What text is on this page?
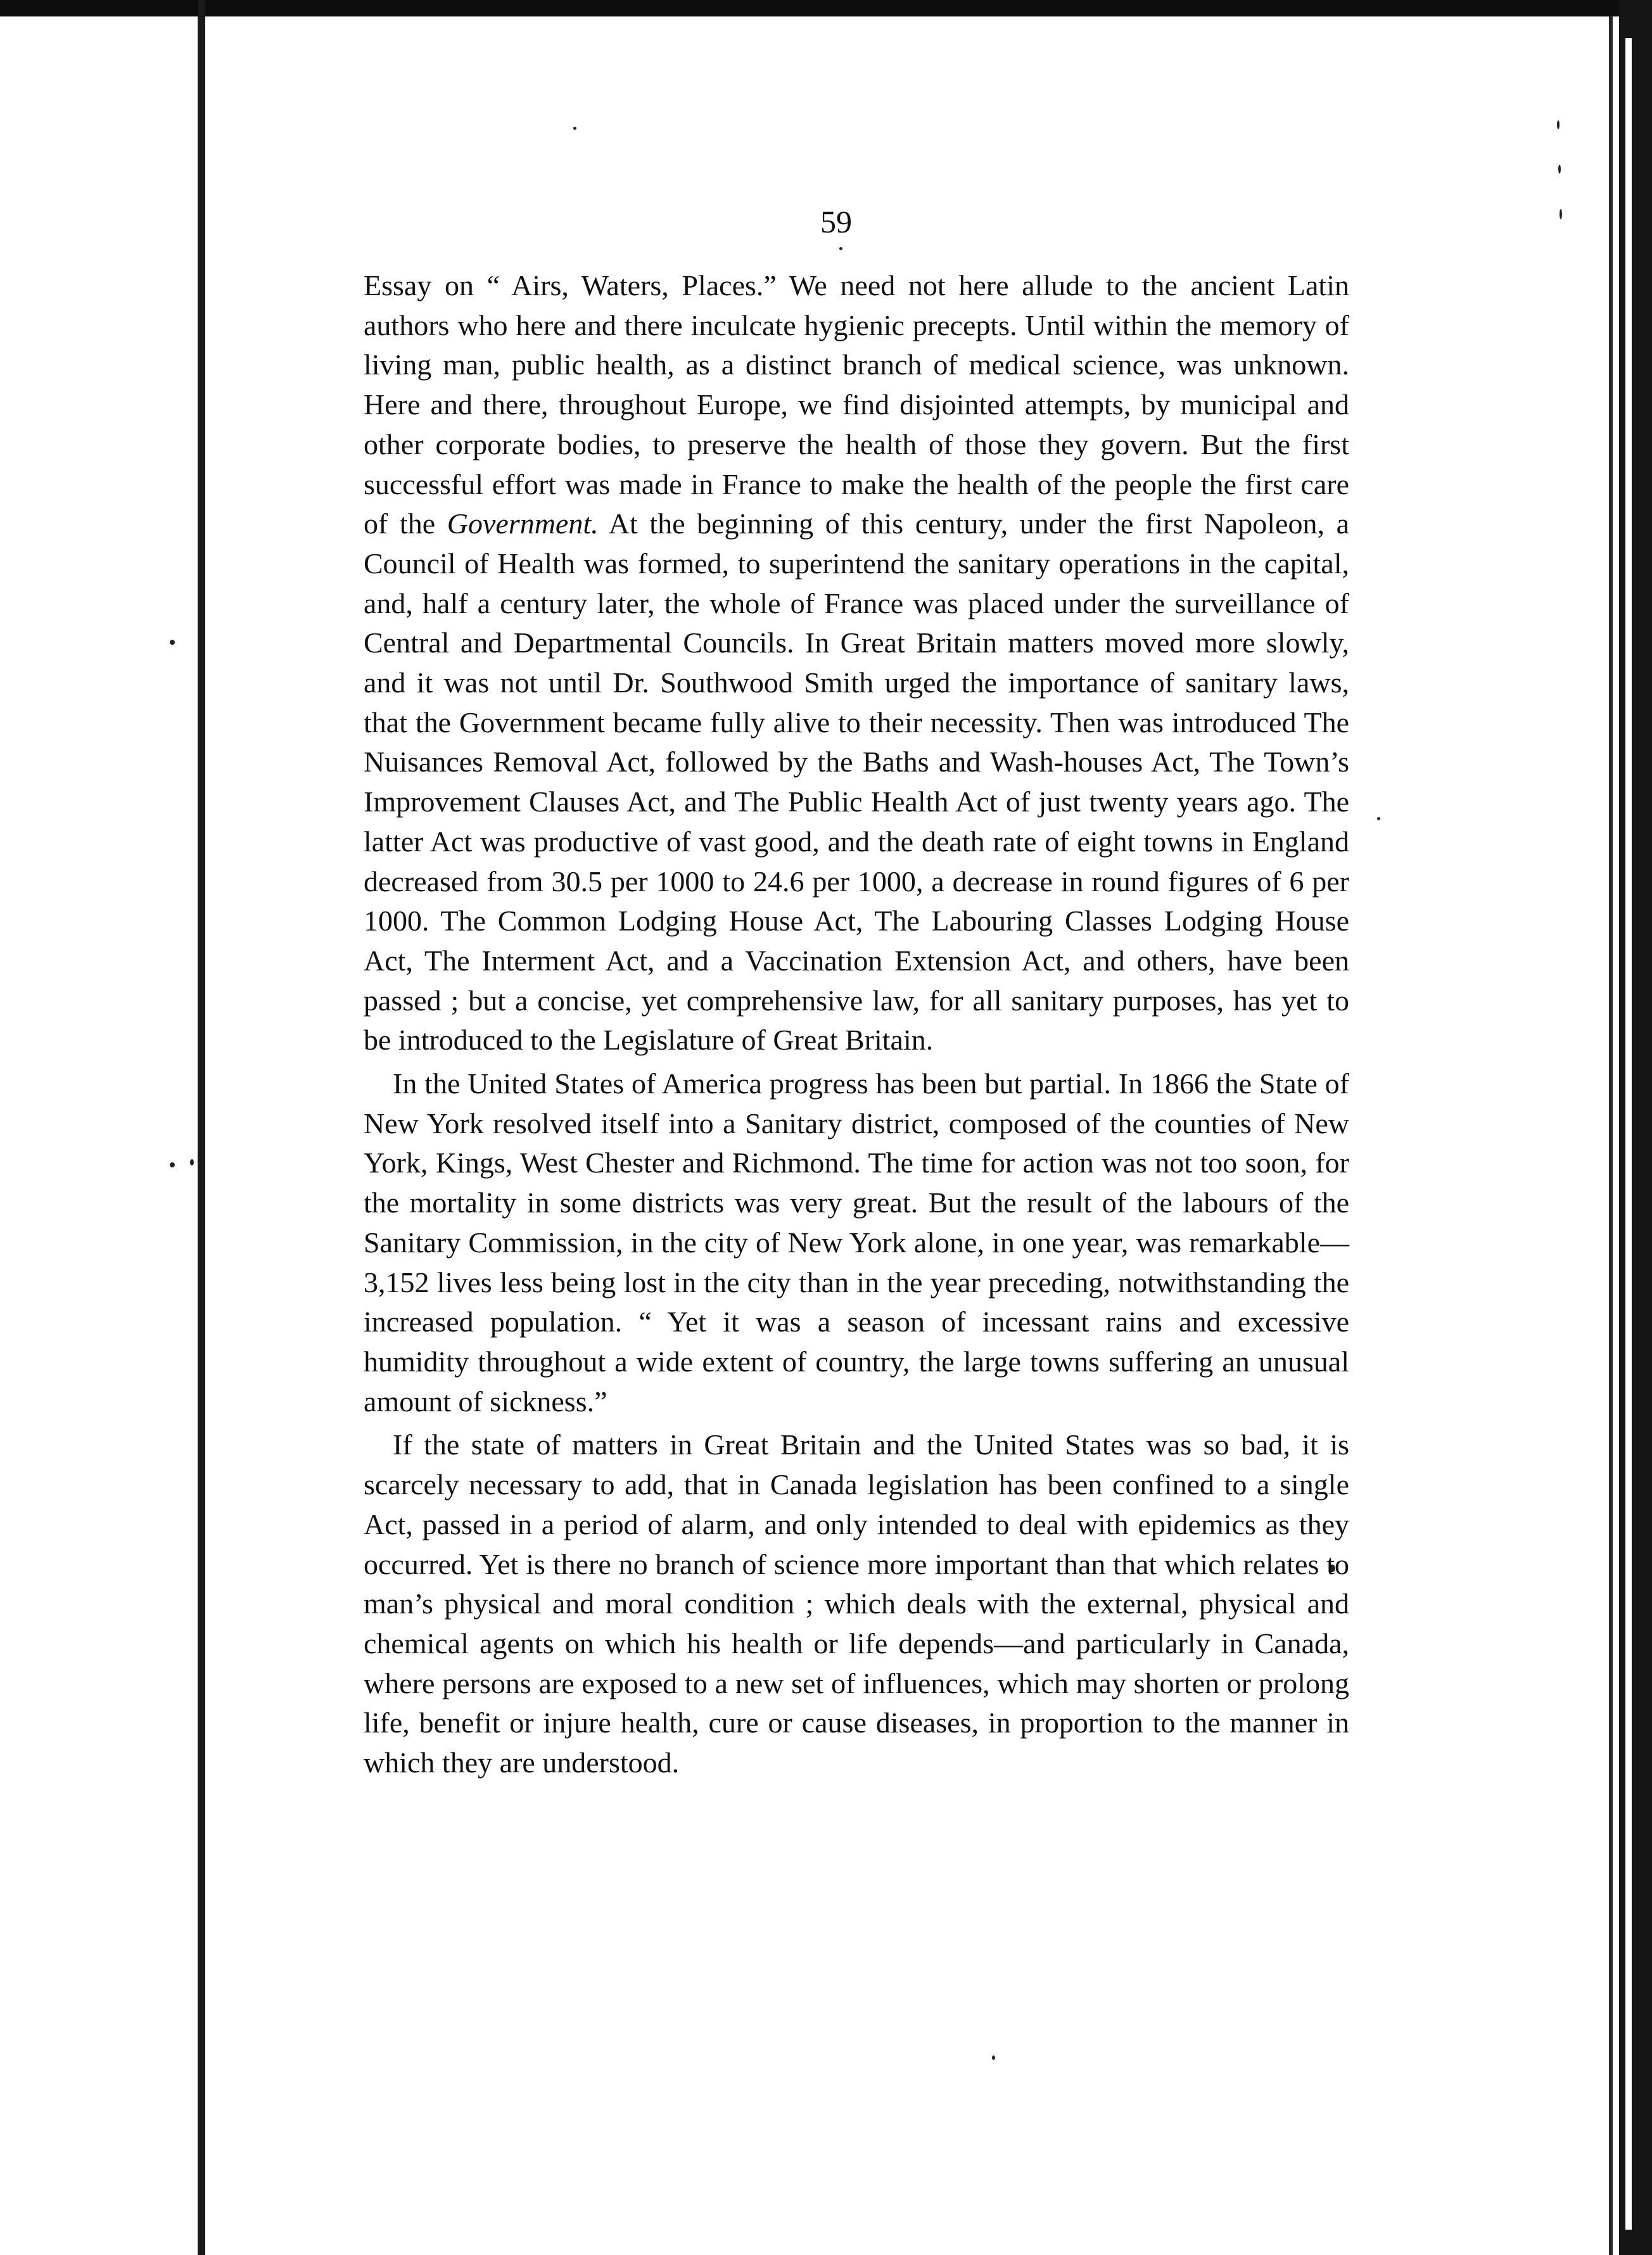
59

Essay on “ Airs, Waters, Places.” We need not here allude to the ancient Latin authors who here and there inculcate hygienic precepts. Until within the memory of living man, public health, as a distinct branch of medical science, was unknown. Here and there, throughout Europe, we find disjointed attempts, by municipal and other corporate bodies, to preserve the health of those they govern. But the first successful effort was made in France to make the health of the people the first care of the Government. At the beginning of this century, under the first Napoleon, a Council of Health was formed, to superintend the sanitary operations in the capital, and, half a century later, the whole of France was placed under the surveillance of Central and Departmental Councils. In Great Britain matters moved more slowly, and it was not until Dr. Southwood Smith urged the importance of sanitary laws, that the Government became fully alive to their necessity. Then was introduced The Nuisances Removal Act, followed by the Baths and Wash-houses Act, The Town’s Improvement Clauses Act, and The Public Health Act of just twenty years ago. The latter Act was productive of vast good, and the death rate of eight towns in England decreased from 30.5 per 1000 to 24.6 per 1000, a decrease in round figures of 6 per 1000. The Common Lodging House Act, The Labouring Classes Lodging House Act, The Interment Act, and a Vaccination Extension Act, and others, have been passed ; but a concise, yet comprehensive law, for all sanitary purposes, has yet to be introduced to the Legislature of Great Britain.

In the United States of America progress has been but partial. In 1866 the State of New York resolved itself into a Sanitary district, composed of the counties of New York, Kings, West Chester and Richmond. The time for action was not too soon, for the mortality in some districts was very great. But the result of the labours of the Sanitary Commission, in the city of New York alone, in one year, was remarkable—3,152 lives less being lost in the city than in the year preceding, notwithstanding the increased population. “ Yet it was a season of incessant rains and excessive humidity throughout a wide extent of country, the large towns suffering an unusual amount of sickness.”

If the state of matters in Great Britain and the United States was so bad, it is scarcely necessary to add, that in Canada legislation has been confined to a single Act, passed in a period of alarm, and only intended to deal with epidemics as they occurred. Yet is there no branch of science more important than that which relates to man’s physical and moral condition ; which deals with the external, physical and chemical agents on which his health or life depends—and particularly in Canada, where persons are exposed to a new set of influences, which may shorten or prolong life, benefit or injure health, cure or cause diseases, in proportion to the manner in which they are understood.
